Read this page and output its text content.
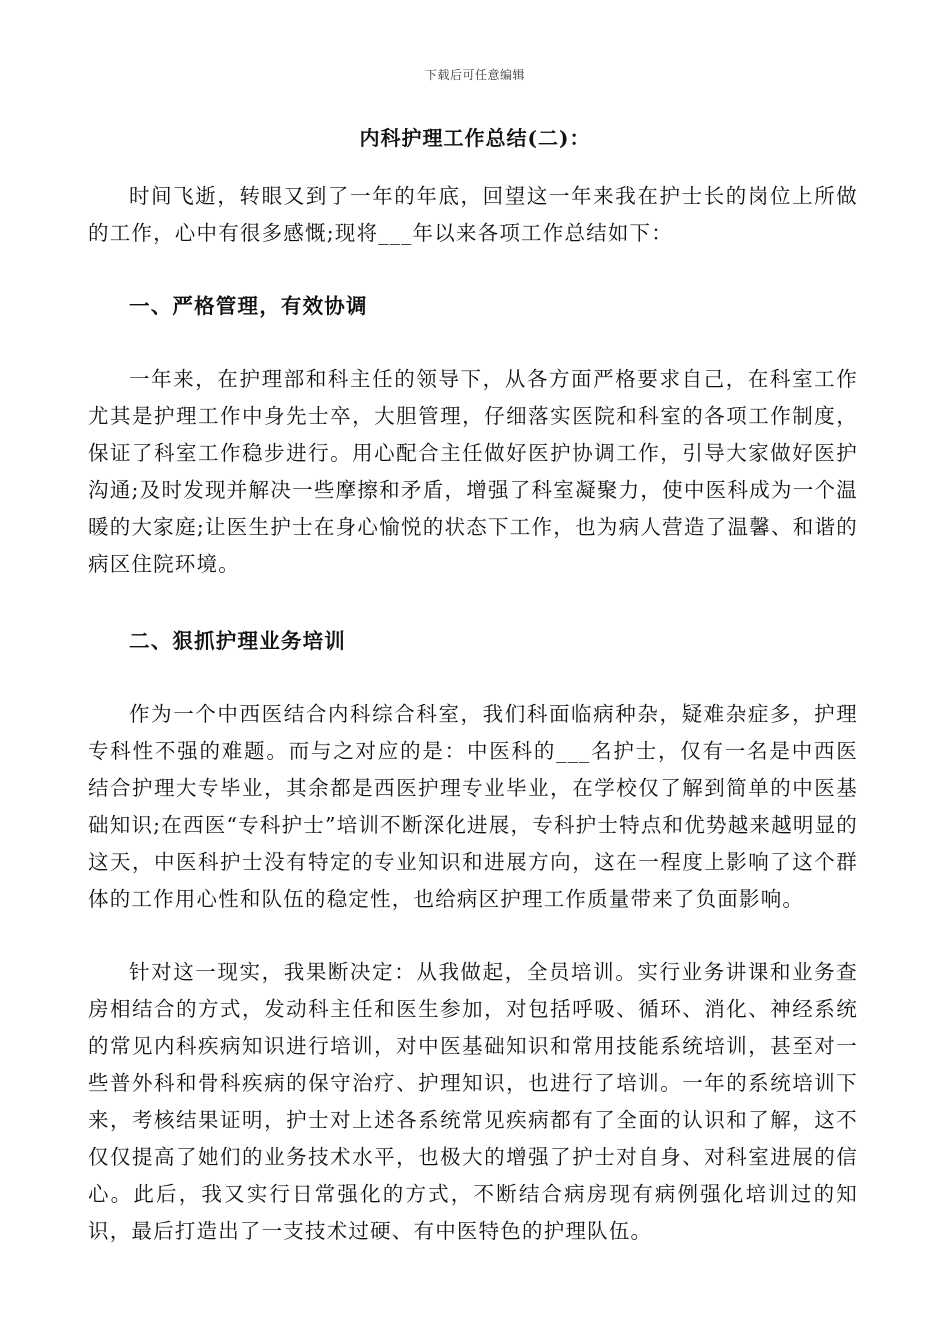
下载后可任意编辑
内科护理工作总结(二)：

时间飞逝，转眼又到了一年的年底，回望这一年来我在护士长的岗位上所做的工作，心中有很多感慨;现将___年以来各项工作总结如下：

一、严格管理，有效协调

一年来，在护理部和科主任的领导下，从各方面严格要求自己，在科室工作尤其是护理工作中身先士卒，大胆管理，仔细落实医院和科室的各项工作制度，保证了科室工作稳步进行。用心配合主任做好医护协调工作，引导大家做好医护沟通;及时发现并解决一些摩擦和矛盾，增强了科室凝聚力，使中医科成为一个温暖的大家庭;让医生护士在身心愉悦的状态下工作，也为病人营造了温馨、和谐的病区住院环境。

二、狠抓护理业务培训

作为一个中西医结合内科综合科室，我们科面临病种杂，疑难杂症多，护理专科性不强的难题。而与之对应的是：中医科的___名护士，仅有一名是中西医结合护理大专毕业，其余都是西医护理专业毕业，在学校仅了解到简单的中医基础知识;在西医“专科护士”培训不断深化进展，专科护士特点和优势越来越明显的这天，中医科护士没有特定的专业知识和进展方向，这在一程度上影响了这个群体的工作用心性和队伍的稳定性，也给病区护理工作质量带来了负面影响。

针对这一现实，我果断决定：从我做起，全员培训。实行业务讲课和业务查房相结合的方式，发动科主任和医生参加，对包括呼吸、循环、消化、神经系统的常见内科疾病知识进行培训，对中医基础知识和常用技能系统培训，甚至对一些普外科和骨科疾病的保守治疗、护理知识，也进行了培训。一年的系统培训下来，考核结果证明，护士对上述各系统常见疾病都有了全面的认识和了解，这不仅仅提高了她们的业务技术水平，也极大的增强了护士对自身、对科室进展的信心。此后，我又实行日常强化的方式，不断结合病房现有病例强化培训过的知识，最后打造出了一支技术过硬、有中医特色的护理队伍。
